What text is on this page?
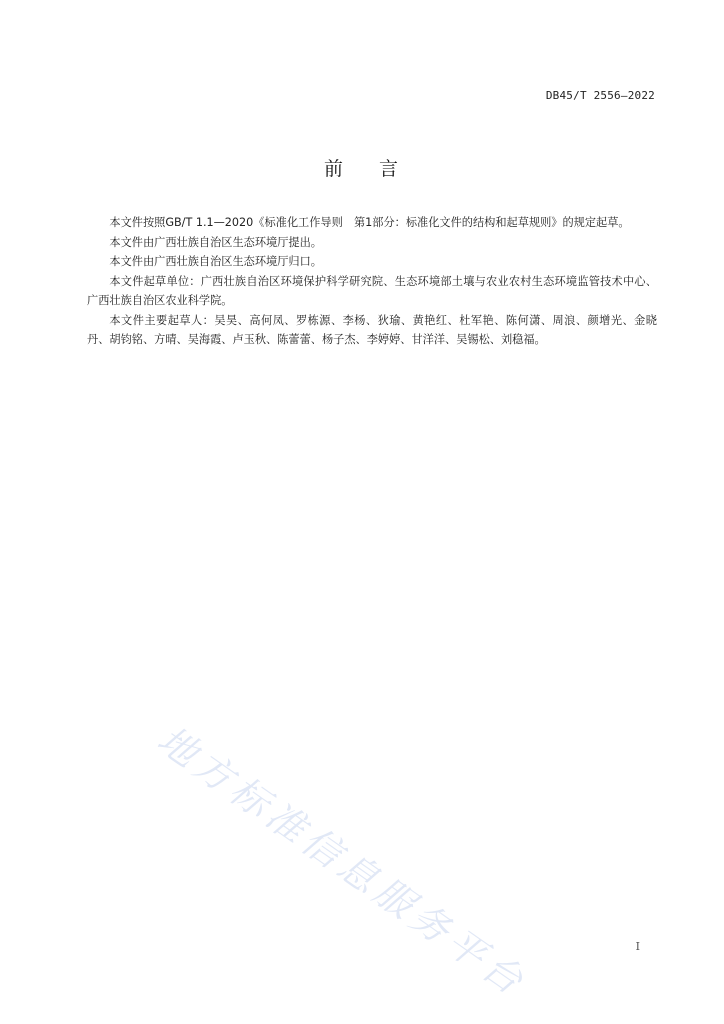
DB45/T 2556—2022
前 言

本文件按照GB/T 1.1—2020《标准化工作导则　第1部分：标准化文件的结构和起草规则》的规定起草。

本文件由广西壮族自治区生态环境厅提出。

本文件由广西壮族自治区生态环境厅归口。

本文件起草单位：广西壮族自治区环境保护科学研究院、生态环境部土壤与农业农村生态环境监管技术中心、广西壮族自治区农业科学院。

本文件主要起草人：吴昊、高何凤、罗栋源、李杨、狄瑜、黄艳红、杜军艳、陈何潇、周浪、颜增光、金晓丹、胡钧铭、方晴、吴海霞、卢玉秋、陈蕾蕾、杨子杰、李婷婷、甘洋洋、吴锡松、刘稳福。

地方标准信息服务平台	I
